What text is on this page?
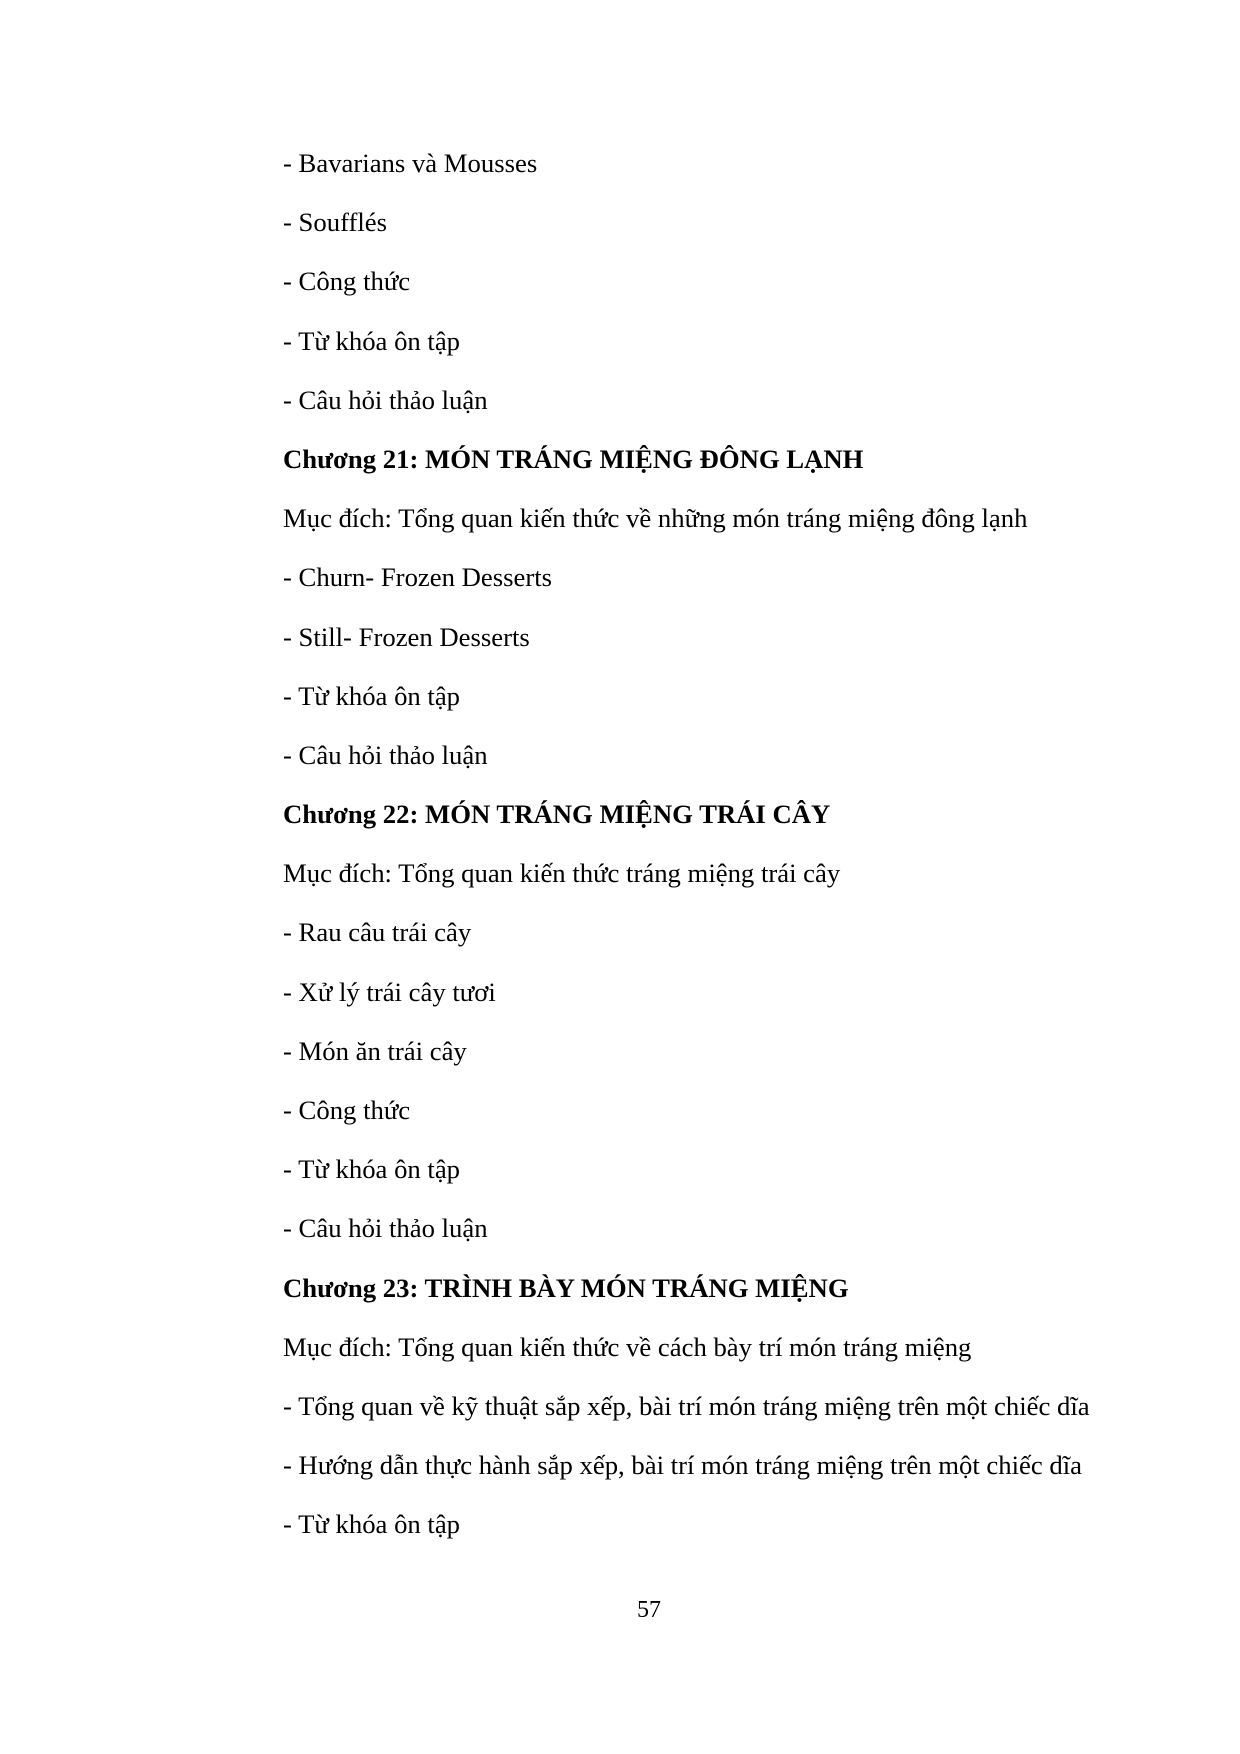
- Bavarians và Mousses

- Soufflés

- Công thức

- Từ khóa ôn tập

- Câu hỏi thảo luận

Chương 21: MÓN TRÁNG MIỆNG ĐÔNG LẠNH

Mục đích: Tổng quan kiến thức về những món tráng miệng đông lạnh

- Churn- Frozen Desserts

- Still- Frozen Desserts

- Từ khóa ôn tập

- Câu hỏi thảo luận

Chương 22: MÓN TRÁNG MIỆNG TRÁI CÂY

Mục đích: Tổng quan kiến thức tráng miệng trái cây

- Rau câu trái cây

- Xử lý trái cây tươi

- Món ăn trái cây

- Công thức

- Từ khóa ôn tập

- Câu hỏi thảo luận

Chương 23: TRÌNH BÀY MÓN TRÁNG MIỆNG

Mục đích: Tổng quan kiến thức về cách bày trí món tráng miệng

- Tổng quan về kỹ thuật sắp xếp, bài trí món tráng miệng trên một chiếc dĩa

- Hướng dẫn thực hành sắp xếp, bài trí món tráng miệng trên một chiếc dĩa

- Từ khóa ôn tập

57
